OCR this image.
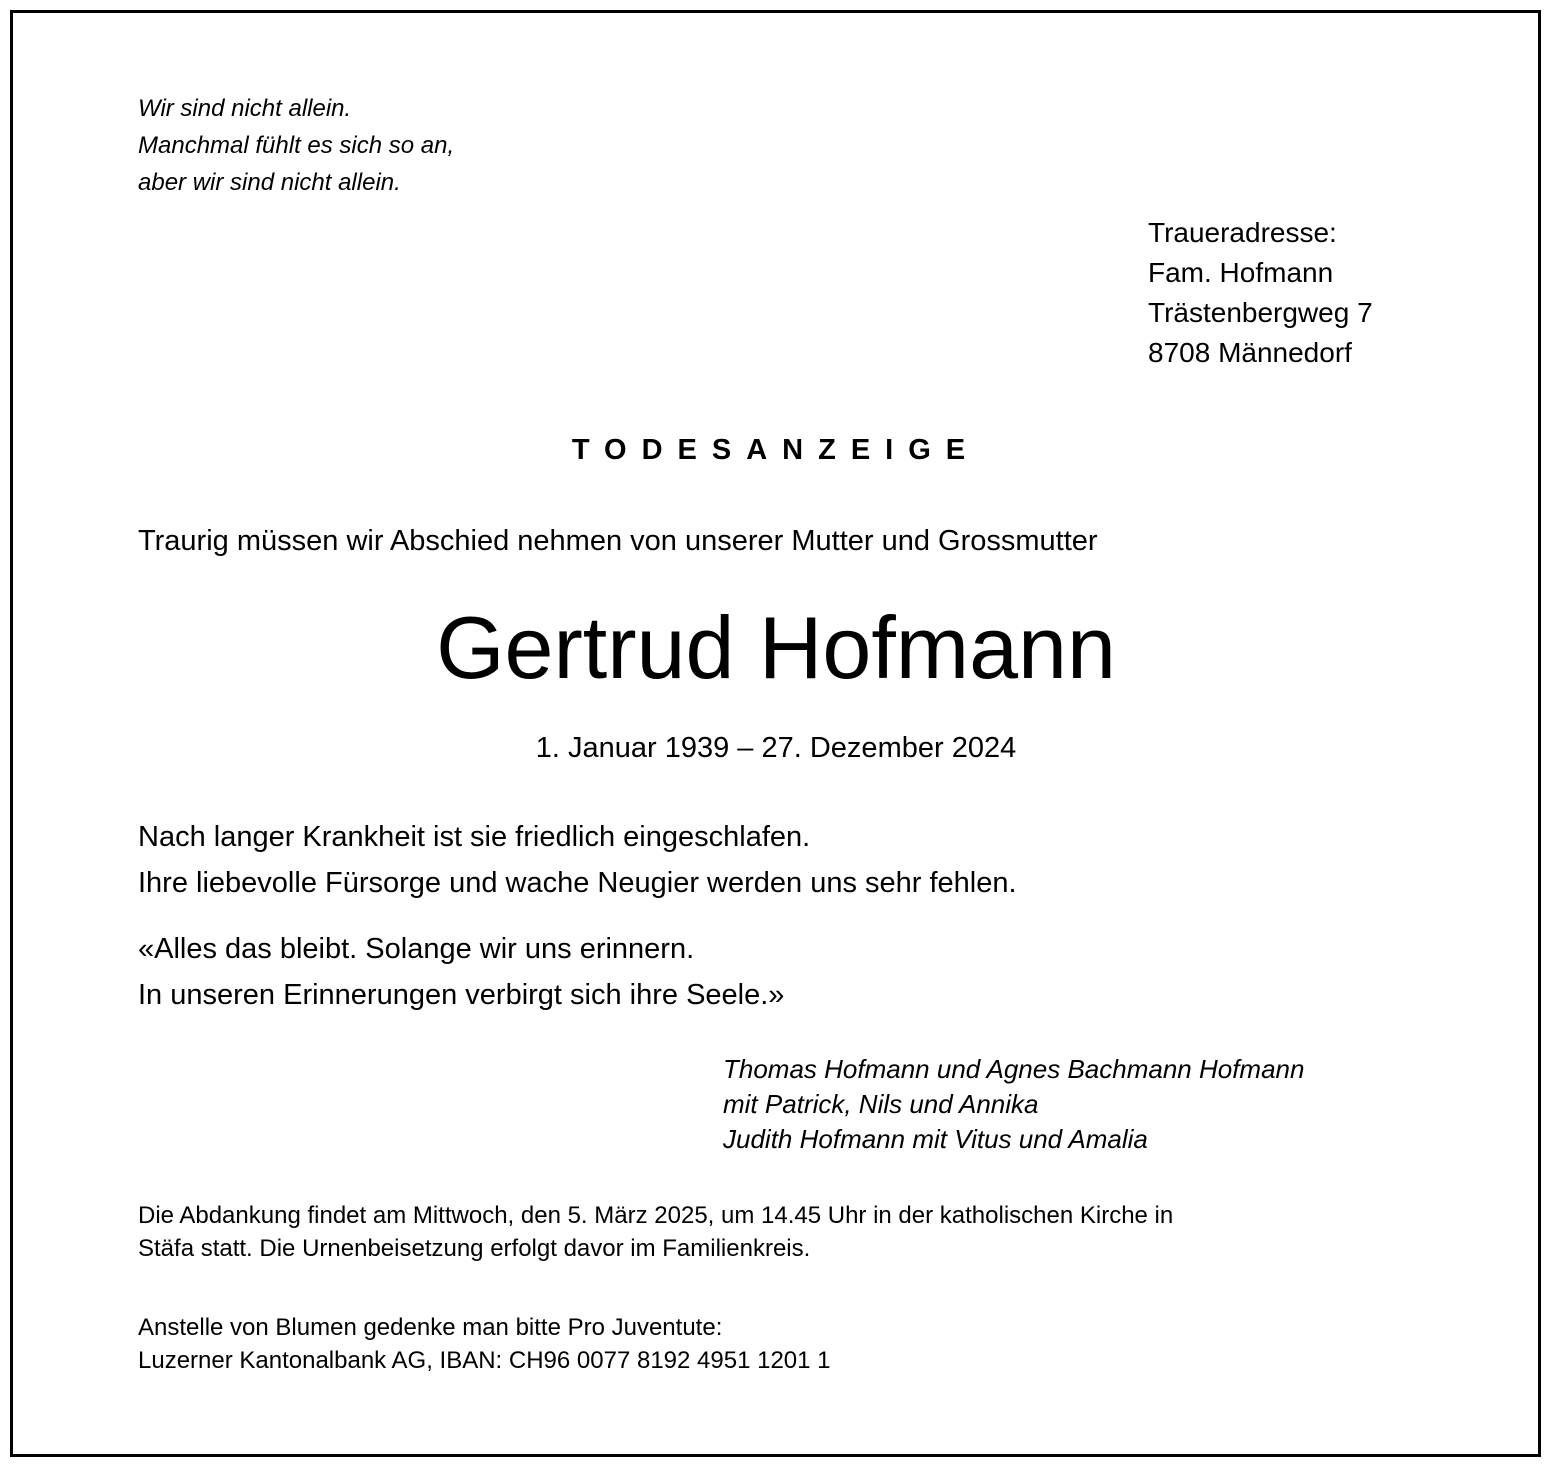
Wir sind nicht allein.
Manchmal fühlt es sich so an,
aber wir sind nicht allein.
Traueradresse:
Fam. Hofmann
Trästenbergweg 7
8708 Männedorf
TODESANZEIGE
Traurig müssen wir Abschied nehmen von unserer Mutter und Grossmutter
Gertrud Hofmann
1. Januar 1939 – 27. Dezember 2024
Nach langer Krankheit ist sie friedlich eingeschlafen.
Ihre liebevolle Fürsorge und wache Neugier werden uns sehr fehlen.
«Alles das bleibt. Solange wir uns erinnern.
In unseren Erinnerungen verbirgt sich ihre Seele.»
Thomas Hofmann und Agnes Bachmann Hofmann
mit Patrick, Nils und Annika
Judith Hofmann mit Vitus und Amalia
Die Abdankung findet am Mittwoch, den 5. März 2025, um 14.45 Uhr in der katholischen Kirche in
Stäfa statt. Die Urnenbeisetzung erfolgt davor im Familienkreis.
Anstelle von Blumen gedenke man bitte Pro Juventute:
Luzerner Kantonalbank AG, IBAN: CH96 0077 8192 4951 1201 1
